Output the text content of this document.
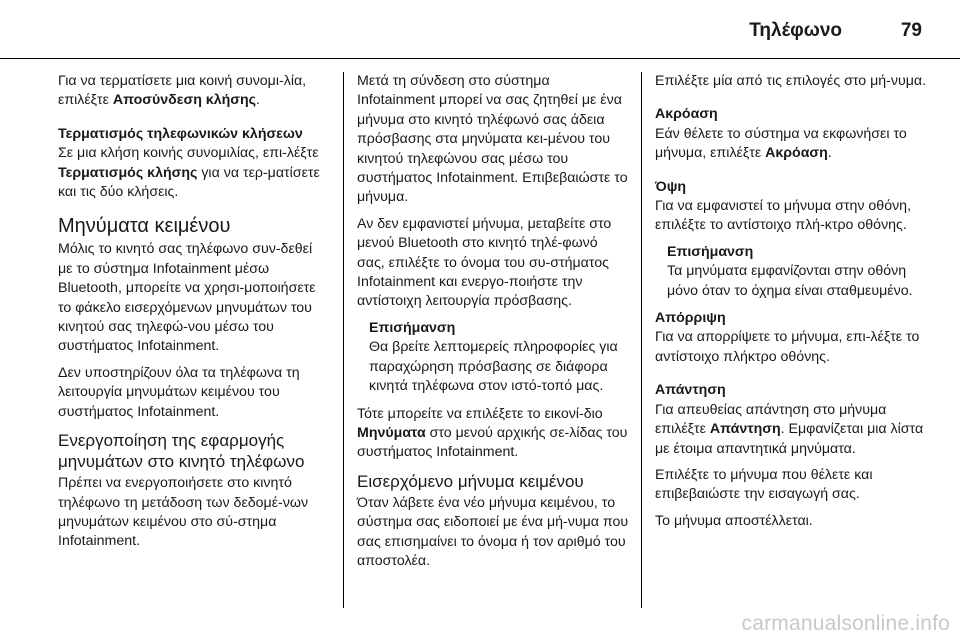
Τηλέφωνο	79

Για να τερματίσετε μια κοινή συνομι-λία, επιλέξτε Αποσύνδεση κλήσης.

Τερματισμός τηλεφωνικών κλήσεων

Σε μια κλήση κοινής συνομιλίας, επι-λέξτε Τερματισμός κλήσης για να τερ-ματίσετε και τις δύο κλήσεις.

Μηνύματα κειμένου

Μόλις το κινητό σας τηλέφωνο συν-δεθεί με το σύστημα Infotainment μέσω Bluetooth, μπορείτε να χρησι-μοποιήσετε το φάκελο εισερχόμενων μηνυμάτων του κινητού σας τηλεφώ-νου μέσω του συστήματος Infotainment.

Δεν υποστηρίζουν όλα τα τηλέφωνα τη λειτουργία μηνυμάτων κειμένου του συστήματος Infotainment.

Ενεργοποίηση της εφαρμογής μηνυμάτων στο κινητό τηλέφωνο

Πρέπει να ενεργοποιήσετε στο κινητό τηλέφωνο τη μετάδοση των δεδομέ-νων μηνυμάτων κειμένου στο σύ-στημα Infotainment.

Μετά τη σύνδεση στο σύστημα Infotainment μπορεί να σας ζητηθεί με ένα μήνυμα στο κινητό τηλέφωνό σας άδεια πρόσβασης στα μηνύματα κει-μένου του κινητού τηλεφώνου σας μέσω του συστήματος Infotainment. Επιβεβαιώστε το μήνυμα.

Αν δεν εμφανιστεί μήνυμα, μεταβείτε στο μενού Bluetooth στο κινητό τηλέ-φωνό σας, επιλέξτε το όνομα του συ-στήματος Infotainment και ενεργο-ποιήστε την αντίστοιχη λειτουργία πρόσβασης.

Επισήμανση
Θα βρείτε λεπτομερείς πληροφορίες για παραχώρηση πρόσβασης σε διάφορα κινητά τηλέφωνα στον ιστό-τοπό μας.

Τότε μπορείτε να επιλέξετε το εικονί-διο Μηνύματα στο μενού αρχικής σε-λίδας του συστήματος Infotainment.

Εισερχόμενο μήνυμα κειμένου

Όταν λάβετε ένα νέο μήνυμα κειμένου, το σύστημα σας ειδοποιεί με ένα μή-νυμα που σας επισημαίνει το όνομα ή τον αριθμό του αποστολέα.

Επιλέξτε μία από τις επιλογές στο μή-νυμα.

Ακρόαση

Εάν θέλετε το σύστημα να εκφωνήσει το μήνυμα, επιλέξτε Ακρόαση.

Όψη

Για να εμφανιστεί το μήνυμα στην οθόνη, επιλέξτε το αντίστοιχο πλή-κτρο οθόνης.

Επισήμανση
Τα μηνύματα εμφανίζονται στην οθόνη μόνο όταν το όχημα είναι σταθμευμένο.
Απόρριψη

Για να απορρίψετε το μήνυμα, επι-λέξτε το αντίστοιχο πλήκτρο οθόνης.

Απάντηση

Για απευθείας απάντηση στο μήνυμα επιλέξτε Απάντηση. Εμφανίζεται μια λίστα με έτοιμα απαντητικά μηνύματα.

Επιλέξτε το μήνυμα που θέλετε και επιβεβαιώστε την εισαγωγή σας.

Το μήνυμα αποστέλλεται.

carmanualsonline.info
